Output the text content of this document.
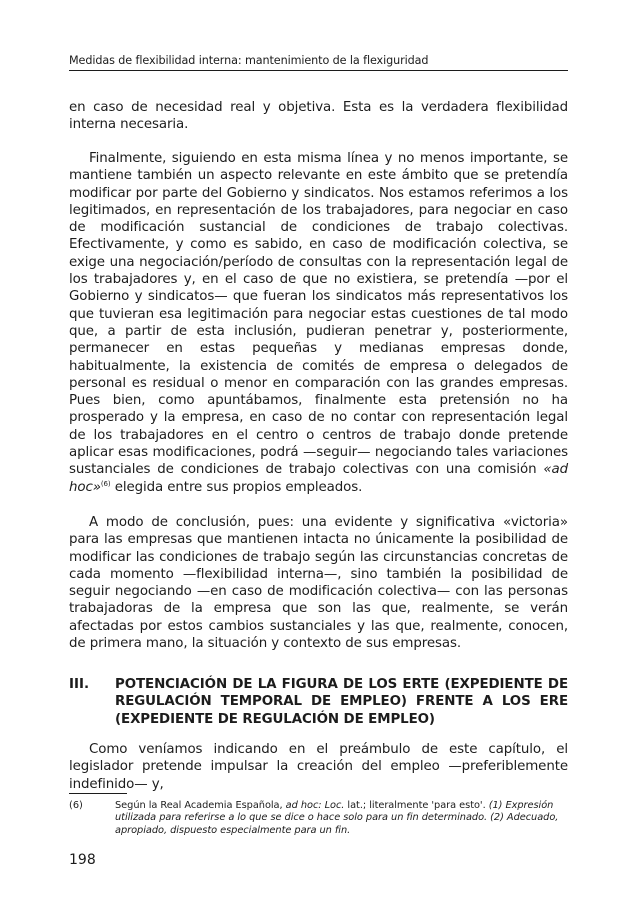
Medidas de flexibilidad interna: mantenimiento de la flexiguridad

en caso de necesidad real y objetiva. Esta es la verdadera flexibilidad interna necesaria.

Finalmente, siguiendo en esta misma línea y no menos importante, se mantiene también un aspecto relevante en este ámbito que se pretendía modificar por parte del Gobierno y sindicatos. Nos estamos referimos a los legitimados, en representación de los trabajadores, para negociar en caso de modificación sustancial de condiciones de trabajo colectivas. Efectivamente, y como es sabido, en caso de modificación colectiva, se exige una negociación/período de consultas con la representación legal de los trabajadores y, en el caso de que no existiera, se pretendía —por el Gobierno y sindicatos— que fueran los sindicatos más representativos los que tuvieran esa legitimación para negociar estas cuestiones de tal modo que, a partir de esta inclusión, pudieran penetrar y, posteriormente, permanecer en estas pequeñas y medianas empresas donde, habitualmente, la existencia de comités de empresa o delegados de personal es residual o menor en comparación con las grandes empresas. Pues bien, como apuntábamos, finalmente esta pretensión no ha prosperado y la empresa, en caso de no contar con representación legal de los trabajadores en el centro o centros de trabajo donde pretende aplicar esas modificaciones, podrá —seguir— negociando tales variaciones sustanciales de condiciones de trabajo colectivas con una comisión «ad hoc»$^{(6)}$ elegida entre sus propios empleados.

A modo de conclusión, pues: una evidente y significativa «victoria» para las empresas que mantienen intacta no únicamente la posibilidad de modificar las condiciones de trabajo según las circunstancias concretas de cada momento —flexibilidad interna—, sino también la posibilidad de seguir negociando —en caso de modificación colectiva— con las personas trabajadoras de la empresa que son las que, realmente, se verán afectadas por estos cambios sustanciales y las que, realmente, conocen, de primera mano, la situación y contexto de sus empresas.

III.	POTENCIACIÓN DE LA FIGURA DE LOS ERTE (EXPEDIENTE DE REGULACIÓN TEMPORAL DE EMPLEO) FRENTE A LOS ERE (EXPEDIENTE DE REGULACIÓN DE EMPLEO)

Como veníamos indicando en el preámbulo de este capítulo, el legislador pretende impulsar la creación del empleo —preferiblemente indefinido— y,

(6)	Según la Real Academia Española, ad hoc: Loc. lat.; literalmente 'para esto'. (1) Expresión utilizada para referirse a lo que se dice o hace solo para un fin determinado. (2) Adecuado, apropiado, dispuesto especialmente para un fin.
198
